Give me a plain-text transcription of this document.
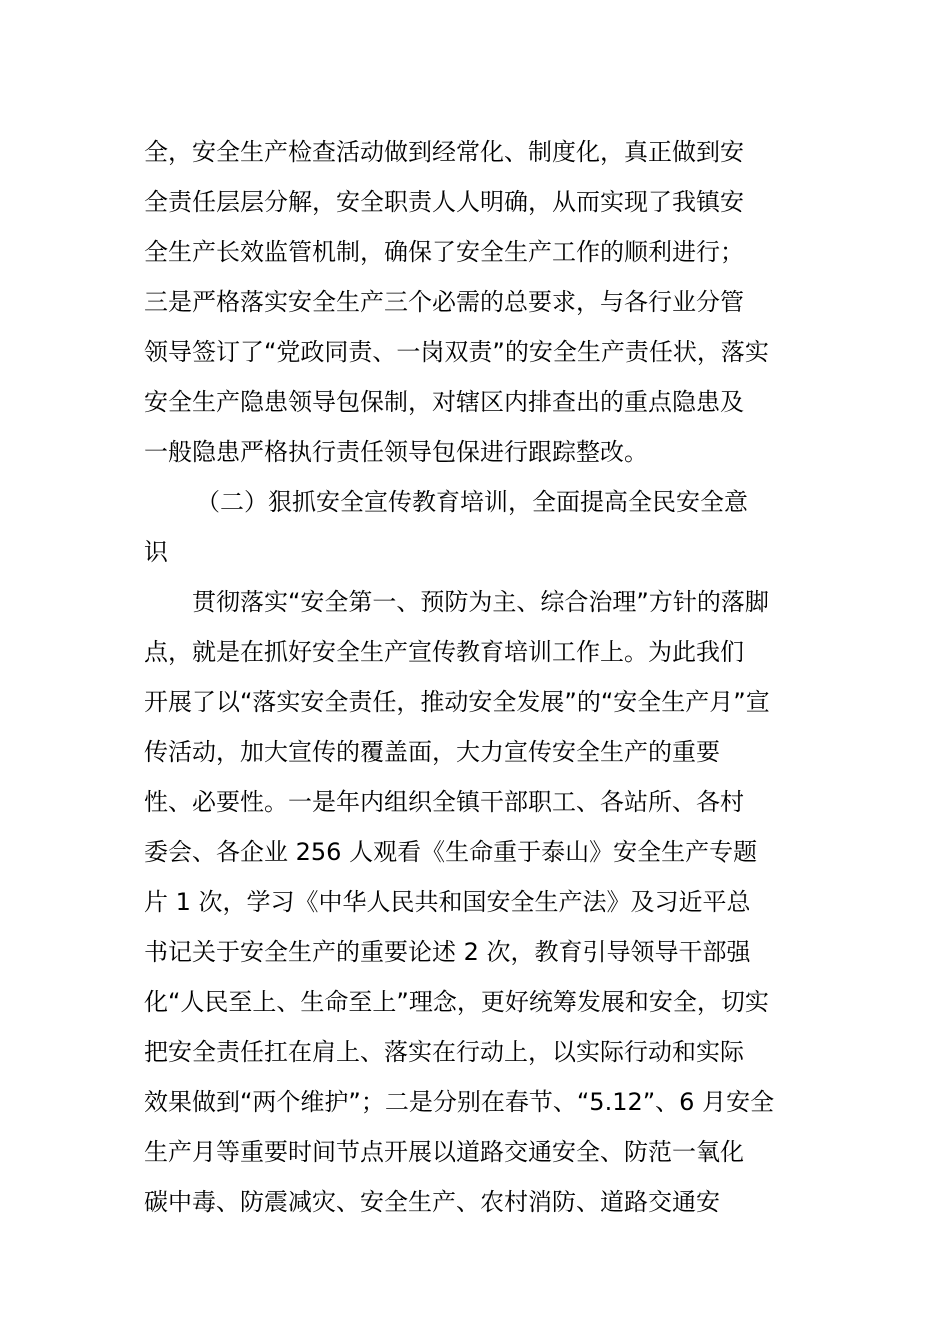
全，安全生产检查活动做到经常化、制度化，真正做到安
全责任层层分解，安全职责人人明确，从而实现了我镇安
全生产长效监管机制，确保了安全生产工作的顺利进行；
三是严格落实安全生产三个必需的总要求，与各行业分管
领导签订了“党政同责、一岗双责”的安全生产责任状，落实
安全生产隐患领导包保制，对辖区内排查出的重点隐患及
一般隐患严格执行责任领导包保进行跟踪整改。
（二）狠抓安全宣传教育培训，全面提高全民安全意
识
贯彻落实“安全第一、预防为主、综合治理”方针的落脚
点，就是在抓好安全生产宣传教育培训工作上。为此我们
开展了以“落实安全责任，推动安全发展”的“安全生产月”宣
传活动，加大宣传的覆盖面，大力宣传安全生产的重要
性、必要性。一是年内组织全镇干部职工、各站所、各村
委会、各企业 256 人观看《生命重于泰山》安全生产专题
片 1 次，学习《中华人民共和国安全生产法》及习近平总
书记关于安全生产的重要论述 2 次，教育引导领导干部强
化“人民至上、生命至上”理念，更好统筹发展和安全，切实
把安全责任扛在肩上、落实在行动上，以实际行动和实际
效果做到“两个维护”；二是分别在春节、“5.12”、6 月安全
生产月等重要时间节点开展以道路交通安全、防范一氧化
碳中毒、防震减灾、安全生产、农村消防、道路交通安
